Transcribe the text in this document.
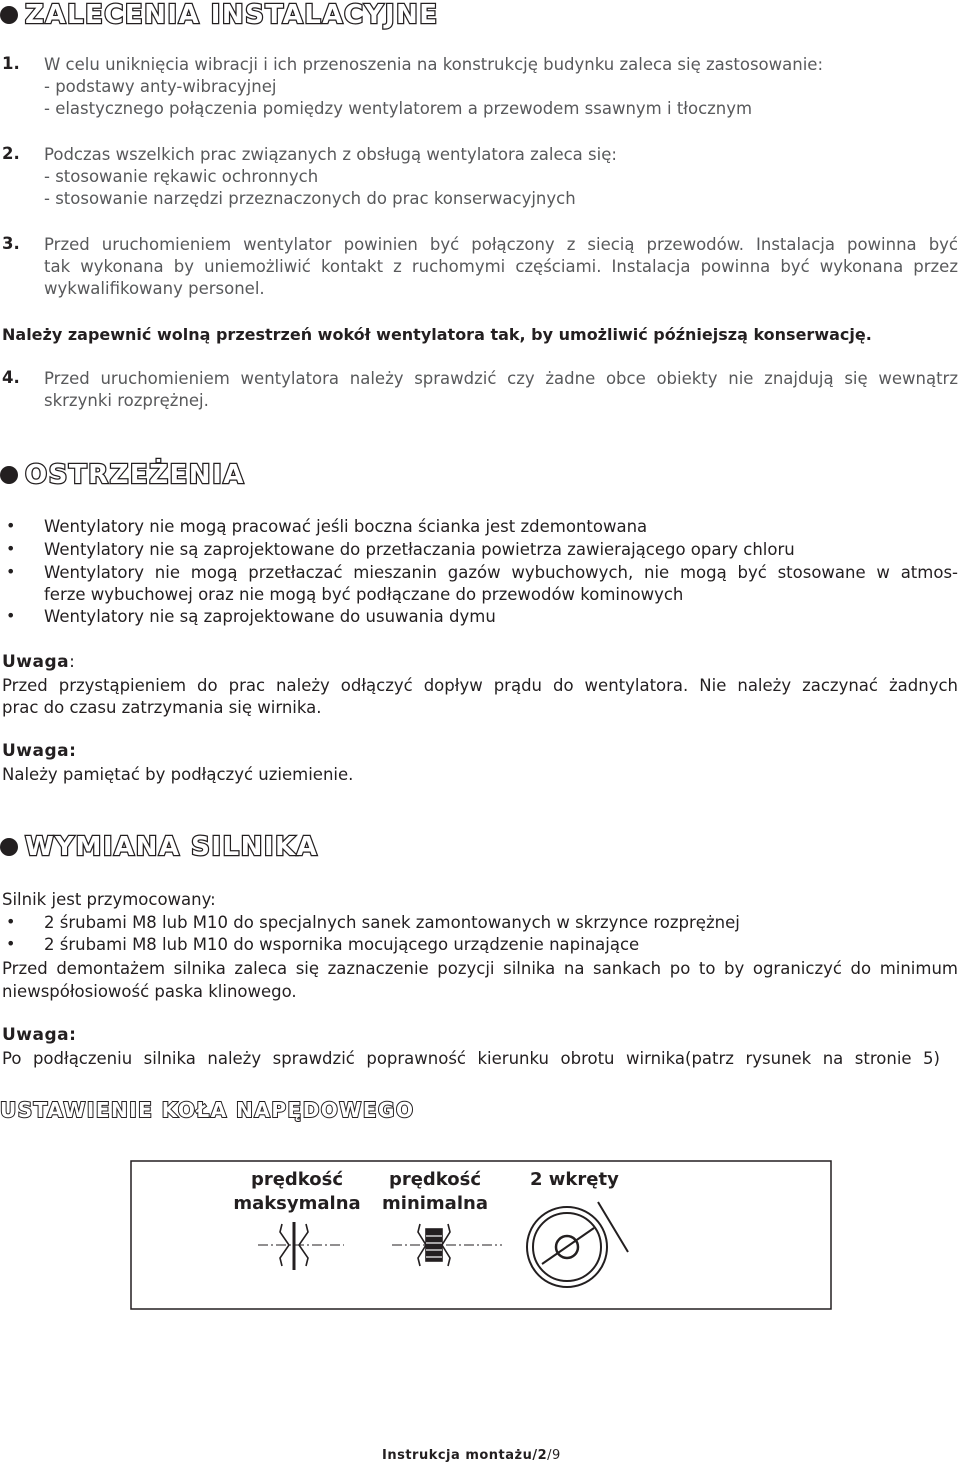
ZALECENIA INSTALACYJNE
1. W celu uniknięcia wibracji i ich przenoszenia na konstrukcję budynku zaleca się zastosowanie:
- podstawy anty-wibracyjnej
- elastycznego połączenia pomiędzy wentylatorem a przewodem ssawnym i tłocznym
2. Podczas wszelkich prac związanych z obsługą wentylatora zaleca się:
- stosowanie rękawic ochronnych
- stosowanie narzędzi przeznaczonych do prac konserwacyjnych
3. Przed uruchomieniem wentylator powinien być połączony z siecią przewodów. Instalacja powinna być
tak wykonana by uniemożliwić kontakt z ruchomymi częściami. Instalacja powinna być wykonana przez
wykwalifikowany personel.
Należy zapewnić wolną przestrzeń wokół wentylatora tak, by umożliwić późniejszą konserwację.
4. Przed uruchomieniem wentylatora należy sprawdzić czy żadne obce obiekty nie znajdują się wewnątrz
skrzynki rozprężnej.
OSTRZEŻENIA
• Wentylatory nie mogą pracować jeśli boczna ścianka jest zdemontowana
• Wentylatory nie są zaprojektowane do przetłaczania powietrza zawierającego opary chloru
• Wentylatory nie mogą przetłaczać mieszanin gazów wybuchowych, nie mogą być stosowane w atmos-
ferze wybuchowej oraz nie mogą być podłączane do przewodów kominowych
• Wentylatory nie są zaprojektowane do usuwania dymu
Uwaga:
Przed przystąpieniem do prac należy odłączyć dopływ prądu do wentylatora. Nie należy zaczynać żadnych
prac do czasu zatrzymania się wirnika.
Uwaga:
Należy pamiętać by podłączyć uziemienie.
WYMIANA SILNIKA
Silnik jest przymocowany:
• 2 śrubami M8 lub M10 do specjalnych sanek zamontowanych w skrzynce rozprężnej
• 2 śrubami M8 lub M10 do wspornika mocującego urządzenie napinające
Przed demontażem silnika zaleca się zaznaczenie pozycji silnika na sankach po to by ograniczyć do minimum
niewspółosiowość paska klinowego.
Uwaga:
Po podłączeniu silnika należy sprawdzić poprawność kierunku obrotu wirnika(patrz rysunek na stronie 5)
USTAWIENIE KOŁA NAPĘDOWEGO
prędkość
maksymalna
prędkość
minimalna
2 wkręty
Instrukcja montażu/2/9
